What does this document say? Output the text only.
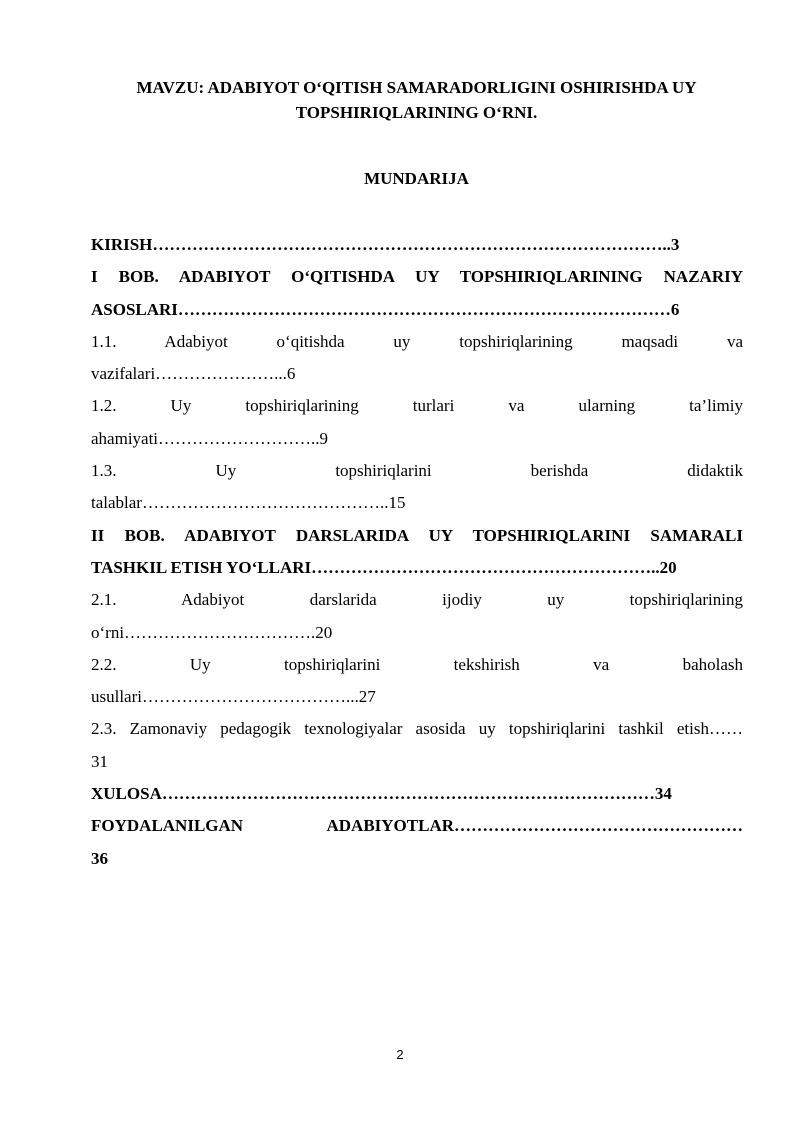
MAVZU: ADABIYOT O‘QITISH SAMARADORLIGINI OSHIRISHDA UY
TOPSHIRIQLARINING O‘RNI.
MUNDARIJA

KIRISH………………………………………………………………………………..3

I BOB. ADABIYOT O‘QITISHDA UY TOPSHIRIQLARINING NAZARIY

ASOSLARI……………………………………………………………………………6

1.1. Adabiyot o‘qitishda uy topshiriqlarining maqsadi va

vazifalari…………………...6

1.2. Uy topshiriqlarining turlari va ularning ta’limiy

ahamiyati………………………..9

1.3. Uy topshiriqlarini berishda didaktik

talablar……………………………………..15

II BOB. ADABIYOT DARSLARIDA UY TOPSHIRIQLARINI SAMARALI

TASHKIL ETISH YO‘LLARI……………………………………………………..20

2.1. Adabiyot darslarida ijodiy uy topshiriqlarining

o‘rni…………………………….20

2.2. Uy topshiriqlarini tekshirish va baholash

usullari………………………………...27

2.3. Zamonaviy pedagogik texnologiyalar asosida uy topshiriqlarini tashkil etish……

31

XULOSA……………………………………………………………………………34

FOYDALANILGAN ADABIYOTLAR……………………………………………

36

2
